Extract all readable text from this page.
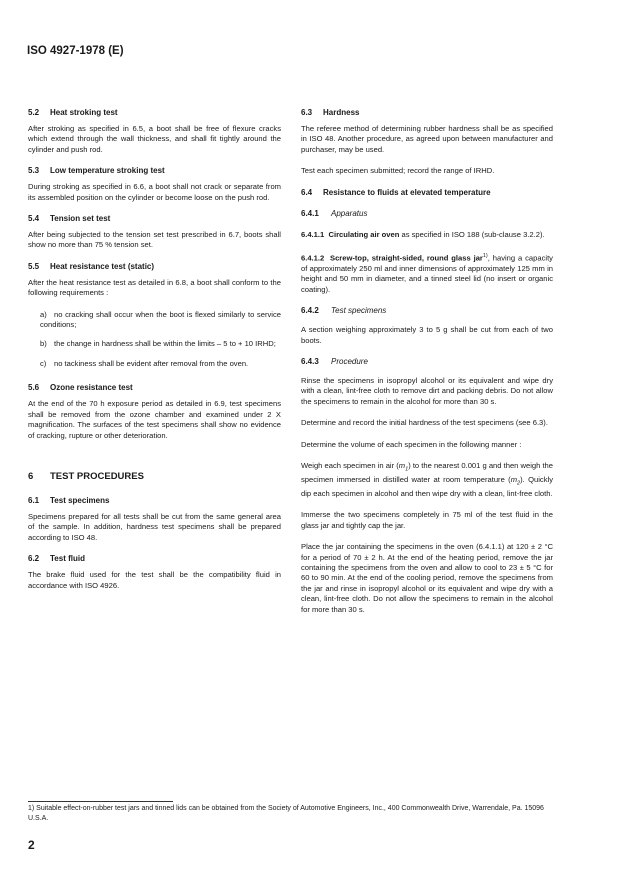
ISO 4927-1978 (E)
5.2 Heat stroking test

After stroking as specified in 6.5, a boot shall be free of flexure cracks which extend through the wall thickness, and shall fit tightly around the cylinder and push rod.

5.3 Low temperature stroking test

During stroking as specified in 6.6, a boot shall not crack or separate from its assembled position on the cylinder or become loose on the push rod.

5.4 Tension set test

After being subjected to the tension set test prescribed in 6.7, boots shall show no more than 75 % tension set.

5.5 Heat resistance test (static)

After the heat resistance test as detailed in 6.8, a boot shall conform to the following requirements :

a) no cracking shall occur when the boot is flexed similarly to service conditions;
b) the change in hardness shall be within the limits – 5 to + 10 IRHD;
c) no tackiness shall be evident after removal from the oven.
5.6 Ozone resistance test

At the end of the 70 h exposure period as detailed in 6.9, test specimens shall be removed from the ozone chamber and examined under 2 X magnification. The surfaces of the test specimens shall show no evidence of cracking, rupture or other deterioration.

6 TEST PROCEDURES
6.1 Test specimens

Specimens prepared for all tests shall be cut from the same general area of the sample. In addition, hardness test specimens shall be prepared according to ISO 48.

6.2 Test fluid

The brake fluid used for the test shall be the compatibility fluid in accordance with ISO 4926.

6.3 Hardness

The referee method of determining rubber hardness shall be as specified in ISO 48. Another procedure, as agreed upon between manufacturer and purchaser, may be used.

Test each specimen submitted; record the range of IRHD.

6.4 Resistance to fluids at elevated temperature
6.4.1 Apparatus

6.4.1.1 Circulating air oven as specified in ISO 188 (sub-clause 3.2.2).

6.4.1.2 Screw-top, straight-sided, round glass jar$^{1)}$, having a capacity of approximately 250 ml and inner dimensions of approximately 125 mm in height and 50 mm in diameter, and a tinned steel lid (no insert or organic coating).

6.4.2 Test specimens

A section weighing approximately 3 to 5 g shall be cut from each of two boots.

6.4.3 Procedure

Rinse the specimens in isopropyl alcohol or its equivalent and wipe dry with a clean, lint-free cloth to remove dirt and packing debris. Do not allow the specimens to remain in the alcohol for more than 30 s.

Determine and record the initial hardness of the test specimens (see 6.3).

Determine the volume of each specimen in the following manner :

Weigh each specimen in air $(m_1)$ to the nearest 0.001 g and then weigh the specimen immersed in distilled water at room temperature $(m_2)$. Quickly dip each specimen in alcohol and then wipe dry with a clean, lint-free cloth.

Immerse the two specimens completely in 75 ml of the test fluid in the glass jar and tightly cap the jar.

Place the jar containing the specimens in the oven (6.4.1.1) at 120 ± 2 °C for a period of 70 ± 2 h. At the end of the heating period, remove the jar containing the specimens from the oven and allow to cool to 23 ± 5 °C for 60 to 90 min. At the end of the cooling period, remove the specimens from the jar and rinse in isopropyl alcohol or its equivalent and wipe dry with a clean, lint-free cloth. Do not allow the specimens to remain in the alcohol for more than 30 s.

1) Suitable effect-on-rubber test jars and tinned lids can be obtained from the Society of Automotive Engineers, Inc., 400 Commonwealth Drive, Warrendale, Pa. 15096 U.S.A.
2
